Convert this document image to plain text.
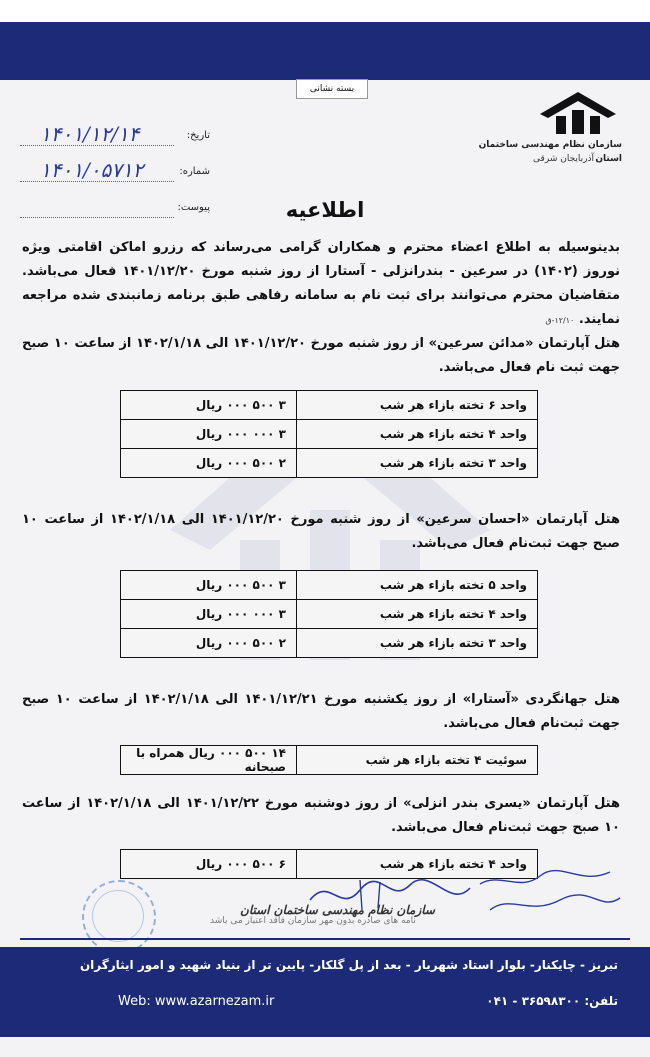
بسته نشانی
سازمان نظام مهندسی ساختمان استان
آذربایجان شرقی
تاریخ:
۱۴۰۱/۱۲/۱۴
شماره:
۱۴۰۱/۰۵۷۱۲
پیوست:	اطلاعیه
بدینوسیله به اطلاع اعضاء محترم و همکاران گرامی می‌رساند که رزرو اماکن اقامتی ویژه نوروز (۱۴۰۲) در سرعین - بندرانزلی - آستارا از روز شنبه مورخ ۱۴۰۱/۱۲/۲۰ فعال می‌باشد. متقاضیان محترم می‌توانند برای ثبت نام به سامانه رفاهی طبق برنامه زمانبندی شده مراجعه نمایند. ۱۲/۱۰-ق
هتل آپارتمان «مدائن سرعین» از روز شنبه مورخ ۱۴۰۱/۱۲/۲۰ الی ۱۴۰۲/۱/۱۸ از ساعت ۱۰ صبح جهت ثبت نام فعال می‌باشد.
واحد ۶ تخته بازاء هر شب	۳ ۵۰۰ ۰۰۰ ریال
واحد ۴ تخته بازاء هر شب	۳ ۰۰۰ ۰۰۰ ریال
واحد ۳ تخته بازاء هر شب	۲ ۵۰۰ ۰۰۰ ریال
هتل آپارتمان «احسان سرعین» از روز شنبه مورخ ۱۴۰۱/۱۲/۲۰ الی ۱۴۰۲/۱/۱۸ از ساعت ۱۰ صبح جهت ثبت‌نام فعال می‌باشد.
واحد ۵ تخته بازاء هر شب	۳ ۵۰۰ ۰۰۰ ریال
واحد ۴ تخته بازاء هر شب	۳ ۰۰۰ ۰۰۰ ریال
واحد ۳ تخته بازاء هر شب	۲ ۵۰۰ ۰۰۰ ریال
هتل جهانگردی «آستارا» از روز یکشنبه مورخ ۱۴۰۱/۱۲/۲۱ الی ۱۴۰۲/۱/۱۸ از ساعت ۱۰ صبح جهت ثبت‌نام فعال می‌باشد.
سوئیت ۴ تخته بازاء هر شب	۱۴ ۵۰۰ ۰۰۰ ریال همراه با صبحانه
هتل آپارتمان «یسری بندر انزلی» از روز دوشنبه مورخ ۱۴۰۱/۱۲/۲۲ الی ۱۴۰۲/۱/۱۸ از ساعت ۱۰ صبح جهت ثبت‌نام فعال می‌باشد.
واحد ۴ تخته بازاء هر شب	۶ ۵۰۰ ۰۰۰ ریال
سازمان نظام مهندسی ساختمان استان
نامه های صادره بدون مهر سازمان فاقد اعتبار می باشد
تبریز - چایکنار- بلوار استاد شهریار - بعد از پل گلکار- پایین تر از بنیاد شهید و امور ایثارگران
Web: www.azarnezam.ir	تلفن: ۳۶۵۹۸۳۰۰ - ۰۴۱
